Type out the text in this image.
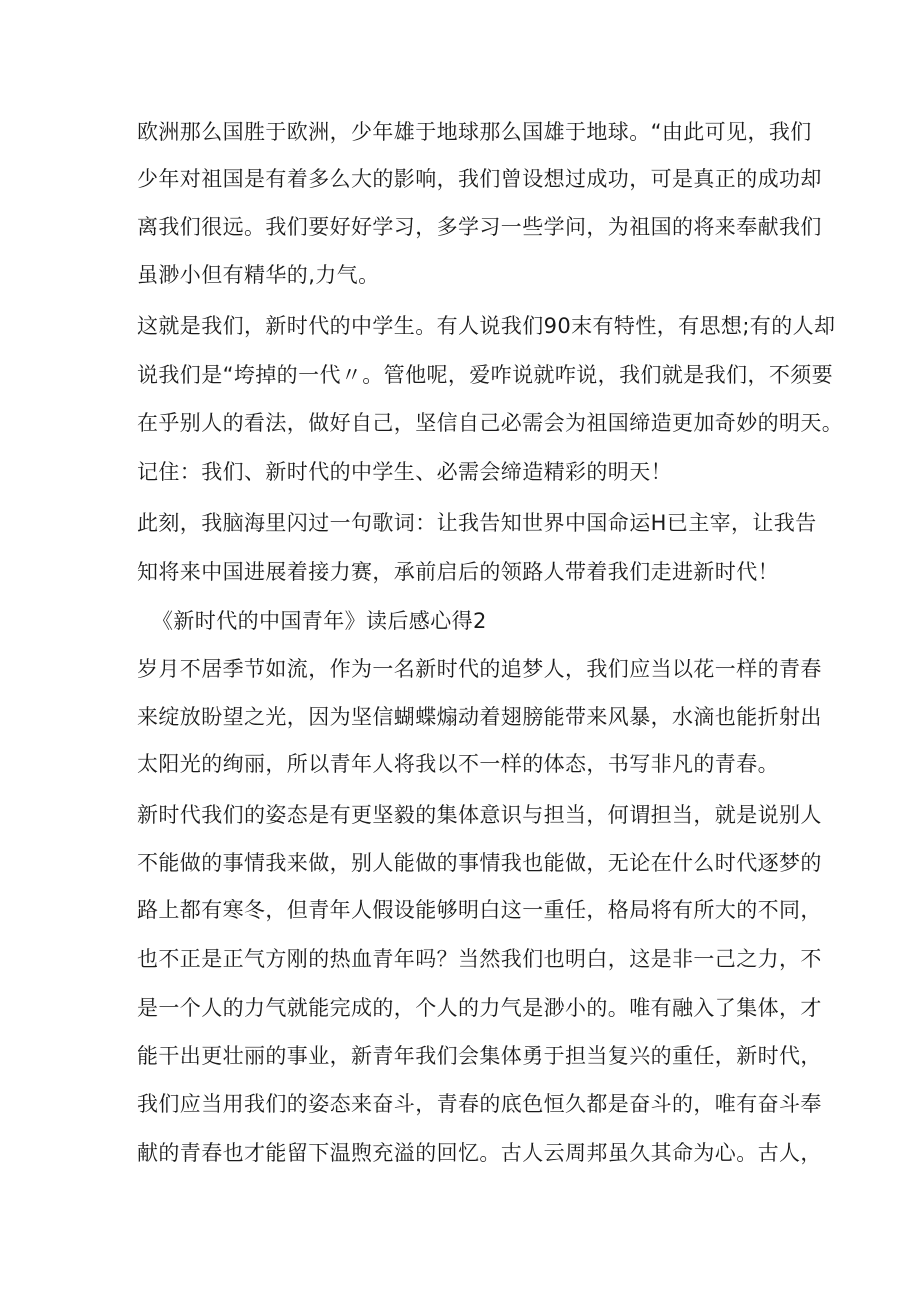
欧洲那么国胜于欧洲，少年雄于地球那么国雄于地球。“由此可见，我们
少年对祖国是有着多么大的影响，我们曾设想过成功，可是真正的成功却
离我们很远。我们要好好学习，多学习一些学问，为祖国的将来奉献我们
虽渺小但有精华的,力气。
这就是我们，新时代的中学生。有人说我们90末有特性，有思想;有的人却
说我们是“垮掉的一代〃。管他呢，爱咋说就咋说，我们就是我们，不须要
在乎别人的看法，做好自己，坚信自己必需会为祖国缔造更加奇妙的明天。
记住：我们、新时代的中学生、必需会缔造精彩的明天！
此刻，我脑海里闪过一句歌词：让我告知世界中国命运H已主宰，让我告
知将来中国进展着接力赛，承前启后的领路人带着我们走进新时代！
《新时代的中国青年》读后感心得2
岁月不居季节如流，作为一名新时代的追梦人，我们应当以花一样的青春
来绽放盼望之光，因为坚信蝴蝶煽动着翅膀能带来风暴，水滴也能折射出
太阳光的绚丽，所以青年人将我以不一样的体态，书写非凡的青春。
新时代我们的姿态是有更坚毅的集体意识与担当，何谓担当，就是说别人
不能做的事情我来做，别人能做的事情我也能做，无论在什么时代逐梦的
路上都有寒冬，但青年人假设能够明白这一重任，格局将有所大的不同，
也不正是正气方刚的热血青年吗？当然我们也明白，这是非一己之力，不
是一个人的力气就能完成的，个人的力气是渺小的。唯有融入了集体，才
能干出更壮丽的事业，新青年我们会集体勇于担当复兴的重任，新时代，
我们应当用我们的姿态来奋斗，青春的底色恒久都是奋斗的，唯有奋斗奉
献的青春也才能留下温煦充溢的回忆。古人云周邦虽久其命为心。古人，
